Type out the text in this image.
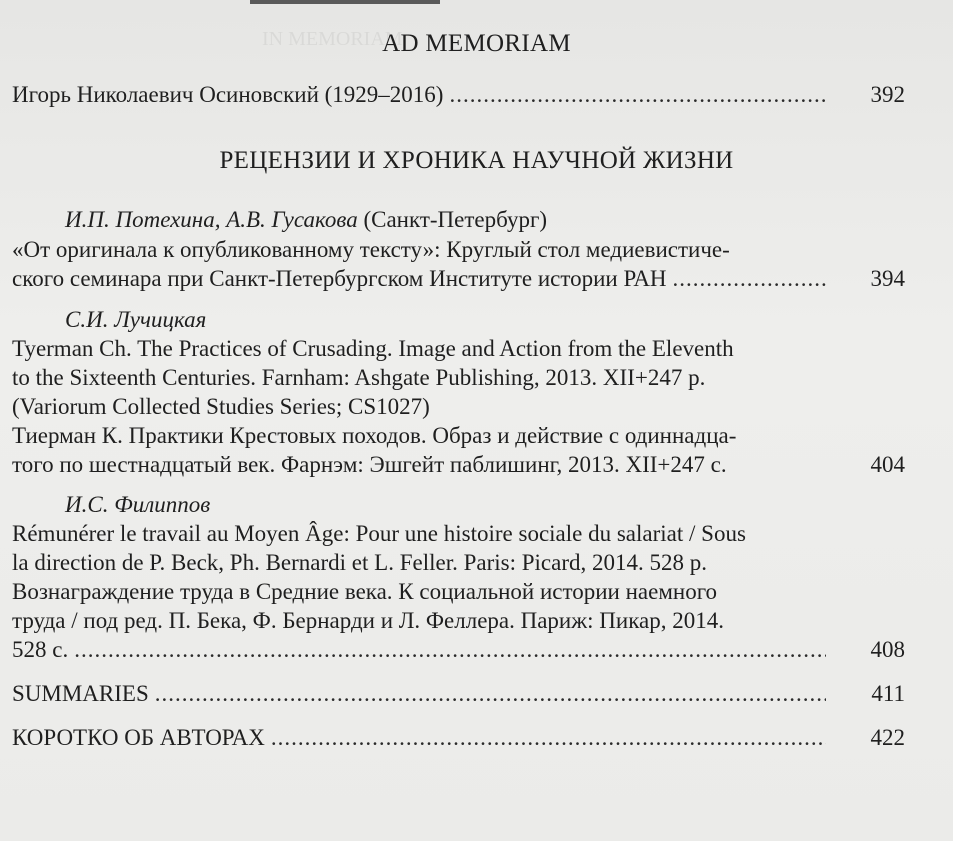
IN MEMORIAM
AD MEMORIAM
Игорь Николаевич Осиновский (1929–2016) .....	392
РЕЦЕНЗИИ И ХРОНИКА НАУЧНОЙ ЖИЗНИ
И.П. Потехина, А.В. Гусакова (Санкт-Петербург)
«От оригинала к опубликованному тексту»: Круглый стол медиевистиче-
ского семинара при Санкт-Петербургском Институте истории РАН .....	394
С.И. Лучицкая
Tyerman Ch. The Practices of Crusading. Image and Action from the Eleventh
to the Sixteenth Centuries. Farnham: Ashgate Publishing, 2013. XII+247 p.
(Variorum Collected Studies Series; CS1027)
Тиерман К. Практики Крестовых походов. Образ и действие с одиннадца-
того по шестнадцатый век. Фарнэм: Эшгейт паблишинг, 2013. XII+247 с.	404
И.С. Филиппов
Rémunérer le travail au Moyen Âge: Pour une histoire sociale du salariat / Sous
la direction de P. Beck, Ph. Bernardi et L. Feller. Paris: Picard, 2014. 528 p.
Вознаграждение труда в Средние века. К социальной истории наемного
труда / под ред. П. Бека, Ф. Бернарди и Л. Феллера. Париж: Пикар, 2014.
528 с. .....	408
SUMMARIES .....	411
КОРОТКО ОБ АВТОРАХ .....	422
